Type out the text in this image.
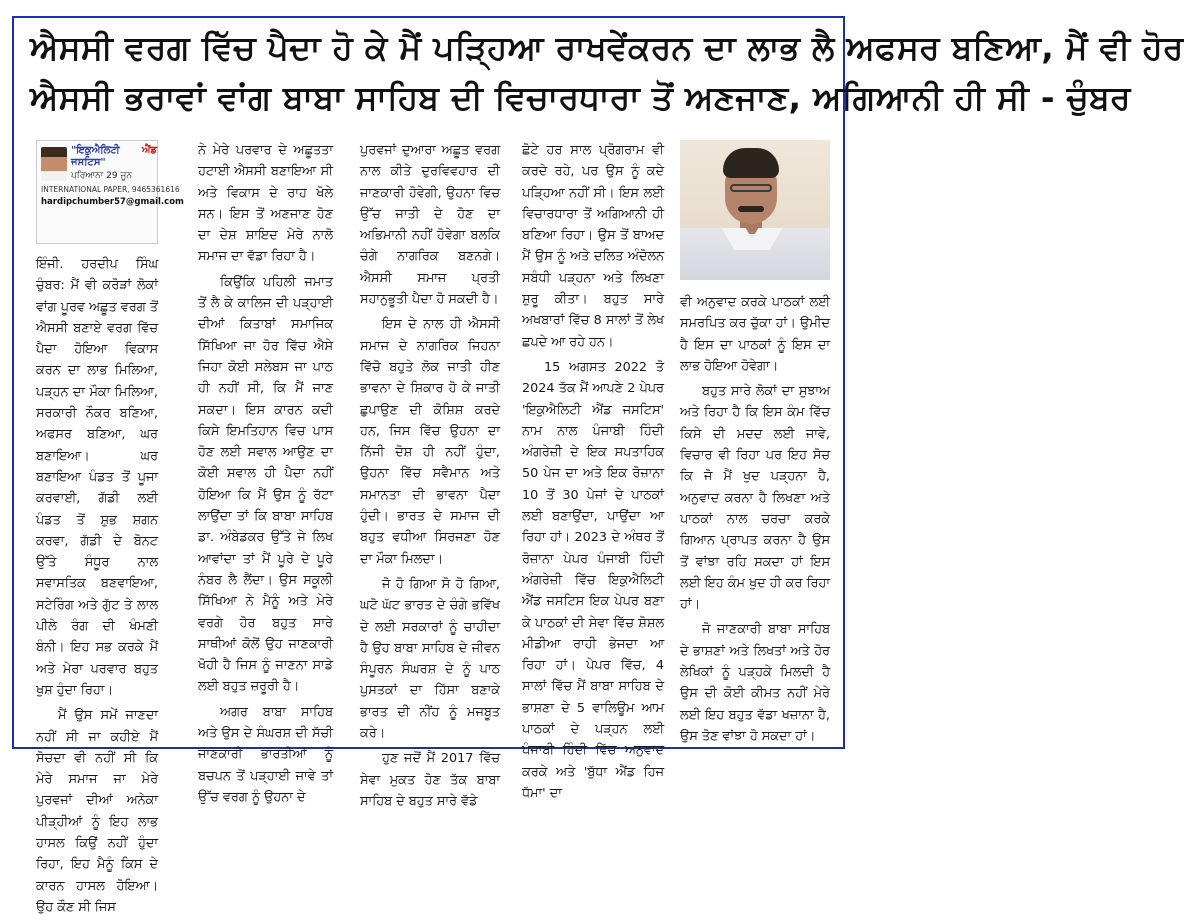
ਐਸਸੀ ਵਰਗ ਵਿੱਚ ਪੈਦਾ ਹੋ ਕੇ ਮੈਂ ਪੜ੍ਹਿਆ ਰਾਖਵੇਂਕਰਨ ਦਾ ਲਾਭ ਲੈ ਅਫਸਰ ਬਣਿਆ, ਮੈਂ ਵੀ ਹੋਰ
ਐਸਸੀ ਭਰਾਵਾਂ ਵਾਂਗ ਬਾਬਾ ਸਾਹਿਬ ਦੀ ਵਿਚਾਰਧਾਰਾ ਤੋਂ ਅਣਜਾਣ, ਅਗਿਆਨੀ ਹੀ ਸੀ - ਚੁੰਬਰ
"ਇਕੁਐਲਿਟੀ ਐਂਡ ਜਸਟਿਸ"
ਪਰਿਆਨਾ 29 ਜੂਨ
INTERNATIONAL PAPER, 9465361616
hardipchumber57@gmail.com

ਇੰਜੀ. ਹਰਦੀਪ ਸਿੰਘ ਚੁੰਬਰ: ਮੈਂ ਵੀ ਕਰੋੜਾਂ ਲੋਕਾਂ ਵਾਂਗ ਪੂਰਵ ਅਛੂਤ ਵਰਗ ਤੋਂ ਐਸਸੀ ਬਣਾਏ ਵਰਗ ਵਿੱਚ ਪੈਦਾ ਹੋਇਆ ਵਿਕਾਸ ਕਰਨ ਦਾ ਲਾਭ ਮਿਲਿਆ, ਪੜ੍ਹਨ ਦਾ ਮੌਕਾ ਮਿਲਿਆ, ਸਰਕਾਰੀ ਨੌਕਰ ਬਣਿਆ, ਅਫਸਰ ਬਣਿਆ, ਘਰ ਬਣਾਇਆ। ਘਰ ਬਣਾਇਆ ਪੰਡਤ ਤੋਂ ਪੂਜਾ ਕਰਵਾਈ, ਗੱਡੀ ਲਈ ਪੰਡਤ ਤੋਂ ਸ਼ੁਭ ਸ਼ਗਨ ਕਰਵਾ, ਗੱਡੀ ਦੇ ਬੋਨਟ ਉੱਤੇ ਸੰਧੂਰ ਨਾਲ ਸਵਾਸਤਿਕ ਬਣਵਾਇਆ, ਸਟੇਰਿੰਗ ਅਤੇ ਗੁੱਟ ਤੇ ਲਾਲ ਪੀਲੇ ਰੰਗ ਦੀ ਖੰਮਣੀ ਬੰਨੀ। ਇਹ ਸਭ ਕਰਕੇ ਮੈਂ ਅਤੇ ਮੇਰਾ ਪਰਵਾਰ ਬਹੁਤ ਖੁਸ਼ ਹੁੰਦਾ ਰਿਹਾ।

ਮੈਂ ਉਸ ਸਮੇਂ ਜਾਣਦਾ ਨਹੀਂ ਸੀ ਜਾ ਕਹੀਏ ਮੈਂ ਸੋਚਦਾ ਵੀ ਨਹੀਂ ਸੀ ਕਿ ਮੇਰੇ ਸਮਾਜ ਜਾ ਮੇਰੇ ਪੁਰਵਜਾਂ ਦੀਆਂ ਅਨੇਕਾ ਪੀੜ੍ਹੀਆਂ ਨੂੰ ਇਹ ਲਾਭ ਹਾਸਲ ਕਿਉਂ ਨਹੀਂ ਹੁੰਦਾ ਰਿਹਾ, ਇਹ ਮੈਨੂੰ ਕਿਸ ਦੇ ਕਾਰਨ ਹਾਸਲ ਹੋਇਆ। ਉਹ ਕੌਣ ਸੀ ਜਿਸ

ਨੇ ਮੇਰੇ ਪਰਵਾਰ ਦੇ ਅਛੂਤਤਾ ਹਟਾਈ ਐਸਸੀ ਬਣਾਇਆ ਸੀ ਅਤੇ ਵਿਕਾਸ ਦੇ ਰਾਹ ਖੋਲੇ ਸਨ। ਇਸ ਤੋਂ ਅਣਜਾਣ ਹੋਣ ਦਾ ਦੇਸ਼ ਸ਼ਾਇਦ ਮੇਰੇ ਨਾਲੋ ਸਮਾਜ ਦਾ ਵੱਡਾ ਰਿਹਾ ਹੈ।

ਕਿਉਂਕਿ ਪਹਿਲੀ ਜਮਾਤ ਤੋਂ ਲੈ ਕੇ ਕਾਲਿਜ ਦੀ ਪੜ੍ਹਾਈ ਦੀਆਂ ਕਿਤਾਬਾਂ ਸਮਾਜਿਕ ਸਿੱਖਿਆ ਜਾ ਹੋਰ ਵਿੱਚ ਐਸੇ ਜਿਹਾ ਕੋਈ ਸਲੇਬਸ ਜਾ ਪਾਠ ਹੀ ਨਹੀਂ ਸੀ, ਕਿ ਮੈਂ ਜਾਣ ਸਕਦਾ। ਇਸ ਕਾਰਨ ਕਦੀ ਕਿਸੇ ਇਮਤਿਹਾਨ ਵਿਚ ਪਾਸ ਹੋਣ ਲਈ ਸਵਾਲ ਆਉਣ ਦਾ ਕੋਈ ਸਵਾਲ ਹੀ ਪੈਦਾ ਨਹੀਂ ਹੋਇਆ ਕਿ ਮੈਂ ਉਸ ਨੂੰ ਰੱਟਾ ਲਾਉਂਦਾ ਤਾਂ ਕਿ ਬਾਬਾ ਸਾਹਿਬ ਡਾ. ਅੰਬੇਡਕਰ ਉੱਤੇ ਜੇ ਲਿਖ ਆਵਾਂਦਾ ਤਾਂ ਮੈਂ ਪੂਰੇ ਦੇ ਪੂਰੇ ਨੰਬਰ ਲੈ ਲੈਂਦਾ। ਉਸ ਸਕੂਲੀ ਸਿੱਖਿਆ ਨੇ ਮੈਨੂੰ ਅਤੇ ਮੇਰੇ ਵਰਗੇ ਹੋਰ ਬਹੁਤ ਸਾਰੇ ਸਾਥੀਆਂ ਕੋਲੋਂ ਉਹ ਜਾਣਕਾਰੀ ਖੋਹੀ ਹੈ ਜਿਸ ਨੂੰ ਜਾਣਨਾ ਸਾਡੇ ਲਈ ਬਹੁਤ ਜ਼ਰੂਰੀ ਹੈ।

ਅਗਰ ਬਾਬਾ ਸਾਹਿਬ ਅਤੇ ਉਸ ਦੇ ਸੰਘਰਸ਼ ਦੀ ਸੱਚੀ ਜਾਣਕਾਰੀ ਭਾਰਤੀਆਂ ਨੂੰ ਬਚਪਨ ਤੋਂ ਪੜ੍ਹਾਈ ਜਾਵੇ ਤਾਂ ਉੱਚ ਵਰਗ ਨੂੰ ਉਹਨਾ ਦੇ

ਪੁਰਵਜਾਂ ਦੁਆਰਾ ਅਛੂਤ ਵਰਗ ਨਾਲ ਕੀਤੇ ਦੁਰਵਿਵਹਾਰ ਦੀ ਜਾਣਕਾਰੀ ਹੋਵੇਗੀ, ਉਹਨਾ ਵਿਚ ਉੱਚ ਜਾਤੀ ਦੇ ਹੋਣ ਦਾ ਅਭਿਮਾਨੀ ਨਹੀਂ ਹੋਵੇਗਾ ਬਲਕਿ ਚੰਗੇ ਨਾਗਰਿਕ ਬਣਨਗੇ। ਐਸਸੀ ਸਮਾਜ ਪ੍ਰਤੀ ਸਹਾਨੁਭੂਤੀ ਪੈਦਾ ਹੋ ਸਕਦੀ ਹੈ।

ਇਸ ਦੇ ਨਾਲ ਹੀ ਐਸਸੀ ਸਮਾਜ ਦੇ ਨਾਗਰਿਕ ਜਿਹਨਾ ਵਿੱਚੋ ਬਹੁਤੇ ਲੋਕ ਜਾਤੀ ਹੀਣ ਭਾਵਨਾ ਦੇ ਸ਼ਿਕਾਰ ਹੋ ਕੇ ਜਾਤੀ ਛੁਪਾਉਣ ਦੀ ਕੋਸ਼ਿਸ਼ ਕਰਦੇ ਹਨ, ਜਿਸ ਵਿੱਚ ਉਹਨਾ ਦਾ ਨਿੱਜੀ ਦੋਸ਼ ਹੀ ਨਹੀਂ ਹੁੰਦਾ, ਉਹਨਾ ਵਿੱਚ ਸਵੈਮਾਨ ਅਤੇ ਸਮਾਨਤਾ ਦੀ ਭਾਵਨਾ ਪੈਦਾ ਹੁੰਦੀ। ਭਾਰਤ ਦੇ ਸਮਾਜ ਦੀ ਬਹੁਤ ਵਧੀਆ ਸਿਰਜਣਾ ਹੋਣ ਦਾ ਮੌਕਾ ਮਿਲਦਾ।

ਜੋ ਹੋ ਗਿਆ ਸੋ ਹੋ ਗਿਆ, ਘਟੋ ਘੱਟ ਭਾਰਤ ਦੇ ਚੰਗੇ ਭਵਿੱਖ ਦੇ ਲਈ ਸਰਕਾਰਾਂ ਨੂੰ ਚਾਹੀਦਾ ਹੈ ਉਹ ਬਾਬਾ ਸਾਹਿਬ ਦੇ ਜੀਵਨ ਸੰਪੂਰਨ ਸੰਘਰਸ਼ ਦੇ ਨੂੰ ਪਾਠ ਪੁਸਤਕਾਂ ਦਾ ਹਿੱਸਾ ਬਣਾਕੇ ਭਾਰਤ ਦੀ ਨੀਂਹ ਨੂੰ ਮਜਬੂਤ ਕਰੇ।

ਹੁਣ ਜਦੋਂ ਮੈਂ 2017 ਵਿੱਚ ਸੇਵਾ ਮੁਕਤ ਹੋਣ ਤੱਕ ਬਾਬਾ ਸਾਹਿਬ ਦੇ ਬਹੁਤ ਸਾਰੇ ਵੱਡੇ

ਛੋਟੇ ਹਰ ਸਾਲ ਪ੍ਰੋਗਰਾਮ ਵੀ ਕਰਦੇ ਰਹੇ, ਪਰ ਉਸ ਨੂੰ ਕਦੇ ਪੜ੍ਹਿਆ ਨਹੀਂ ਸੀ। ਇਸ ਲਈ ਵਿਚਾਰਧਾਰਾ ਤੋਂ ਅਗਿਆਨੀ ਹੀ ਬਣਿਆ ਰਿਹਾ। ਉਸ ਤੋਂ ਬਾਅਦ ਮੈਂ ਉਸ ਨੂੰ ਅਤੇ ਦਲਿਤ ਅੰਦੋਲਨ ਸਬੰਧੀ ਪੜ੍ਹਨਾ ਅਤੇ ਲਿਖਣਾ ਸ਼ੁਰੂ ਕੀਤਾ। ਬਹੁਤ ਸਾਰੇ ਅਖਬਾਰਾਂ ਵਿੱਚ 8 ਸਾਲਾਂ ਤੋਂ ਲੇਖ ਛਪਦੇ ਆ ਰਹੇ ਹਨ।

15 ਅਗਸਤ 2022 ਤੋ 2024 ਤੱਕ ਮੈਂ ਆਪਣੇ 2 ਪੇਪਰ 'ਇਕੁਐਲਿਟੀ ਐਂਡ ਜਸਟਿਸ' ਨਾਮ ਨਾਲ ਪੰਜਾਬੀ ਹਿੰਦੀ ਅੰਗਰੇਜ਼ੀ ਦੇ ਇਕ ਸਪਤਾਹਿਕ 50 ਪੇਜ ਦਾ ਅਤੇ ਇਕ ਰੋਜ਼ਾਨਾ 10 ਤੋਂ 30 ਪੇਜਾਂ ਦੇ ਪਾਠਕਾਂ ਲਈ ਬਣਾਉਂਦਾ, ਪਾਉਂਦਾ ਆ ਰਿਹਾ ਹਾਂ। 2023 ਦੇ ਅੰਥਰ ਤੋਂ ਰੋਜ਼ਾਨਾ ਪੇਪਰ ਪੰਜਾਬੀ ਹਿੰਦੀ ਅੰਗਰੇਜ਼ੀ ਵਿੱਚ ਇਕੁਐਲਿਟੀ ਐਂਡ ਜਸਟਿਸ ਇਕ ਪੇਪਰ ਬਣਾ ਕੇ ਪਾਠਕਾਂ ਦੀ ਸੇਵਾ ਵਿੱਚ ਸ਼ੋਸ਼ਲ ਮੀਡੀਆ ਰਾਹੀ ਭੇਜਦਾ ਆ ਰਿਹਾ ਹਾਂ। ਪੇਪਰ ਵਿੱਚ, 4 ਸਾਲਾਂ ਵਿੱਚ ਮੈਂ ਬਾਬਾ ਸਾਹਿਬ ਦੇ ਭਾਸ਼ਣਾ ਦੇ 5 ਵਾਲਿਊਮ ਆਮ ਪਾਠਕਾਂ ਦੇ ਪੜ੍ਹਨ ਲਈ ਪੰਜਾਬੀ ਹਿੰਦੀ ਵਿੱਚ ਅਨੁਵਾਦ ਕਰਕੇ ਅਤੇ 'ਬੁੱਧਾ ਐਂਡ ਹਿਜ ਧੱਮਾ' ਦਾ

ਵੀ ਅਨੁਵਾਦ ਕਰਕੇ ਪਾਠਕਾਂ ਲਈ ਸਮਰਪਿਤ ਕਰ ਚੁੱਕਾ ਹਾਂ। ਉਮੀਦ ਹੈ ਇਸ ਦਾ ਪਾਠਕਾਂ ਨੂੰ ਇਸ ਦਾ ਲਾਭ ਹੋਇਆ ਹੋਵੇਗਾ।

ਬਹੁਤ ਸਾਰੇ ਲੋਕਾਂ ਦਾ ਸੁਝਾਅ ਅਤੇ ਰਿਹਾ ਹੈ ਕਿ ਇਸ ਕੰਮ ਵਿੱਚ ਕਿਸੇ ਦੀ ਮਦਦ ਲਈ ਜਾਵੇ, ਵਿਚਾਰ ਵੀ ਰਿਹਾ ਪਰ ਇਹ ਸੋਚ ਕਿ ਜੋ ਮੈਂ ਖੁਦ ਪੜ੍ਹਨਾ ਹੈ, ਅਨੁਵਾਦ ਕਰਨਾ ਹੈ ਲਿਖਣਾ ਅਤੇ ਪਾਠਕਾਂ ਨਾਲ ਚਰਚਾ ਕਰਕੇ ਗਿਆਨ ਪ੍ਰਾਪਤ ਕਰਨਾ ਹੈ ਉਸ ਤੋਂ ਵਾਂਝਾ ਰਹਿ ਸਕਦਾ ਹਾਂ ਇਸ ਲਈ ਇਹ ਕੰਮ ਖੁਦ ਹੀ ਕਰ ਰਿਹਾ ਹਾਂ।

ਜੋ ਜਾਣਕਾਰੀ ਬਾਬਾ ਸਾਹਿਬ ਦੇ ਭਾਸ਼ਣਾਂ ਅਤੇ ਲਿਖਤਾਂ ਅਤੇ ਹੋਰ ਲੇਖਿਕਾਂ ਨੂੰ ਪੜ੍ਹਕੇ ਮਿਲਦੀ ਹੈ ਉਸ ਦੀ ਕੋਈ ਕੀਮਤ ਨਹੀਂ ਮੇਰੇ ਲਈ ਇਹ ਬਹੁਤ ਵੱਡਾ ਖਜ਼ਾਨਾ ਹੈ, ਉਸ ਤੋਣ ਵਾਂਝਾ ਹੋ ਸਕਦਾ ਹਾਂ।
